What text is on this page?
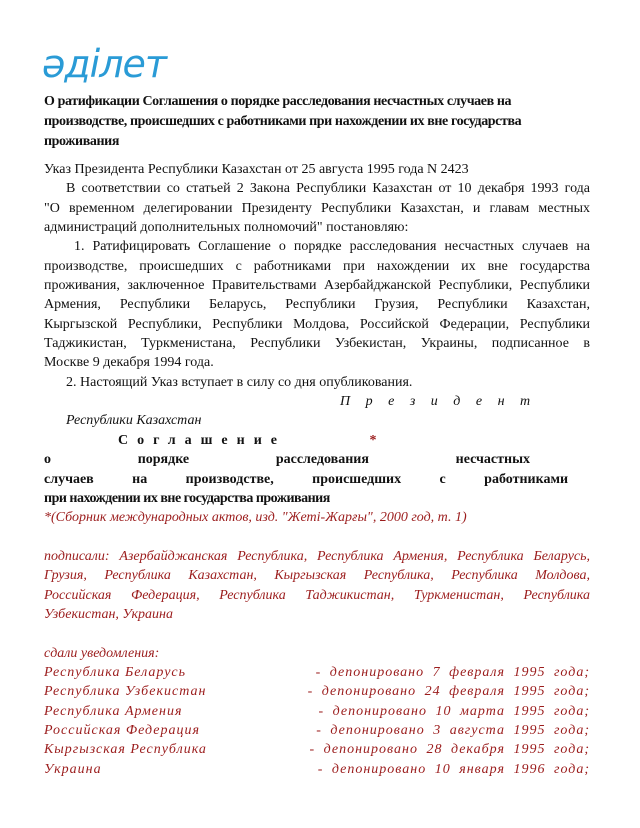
әділет
О ратификации Соглашения о порядке расследования несчастных случаев на
производстве, происшедших с работниками при нахождении их вне государства
проживания
Указ Президента Республики Казахстан от 25 августа 1995 года N 2423
В соответствии со статьей 2 Закона Республики Казахстан от 10 декабря 1993 года
"О временном делегировании Президенту Республики Казахстан, и главам местных
администраций дополнительных полномочий" постановляю:
1. Ратифицировать Соглашение о порядке расследования несчастных случаев на
производстве, происшедших с работниками при нахождении их вне государства
проживания, заключенное Правительствами Азербайджанской Республики, Республики
Армения, Республики Беларусь, Республики Грузия, Республики Казахстан,
Кыргызской Республики, Республики Молдова, Российской Федерации, Республики
Таджикистан, Туркменистана, Республики Узбекистан, Украины, подписанное в
Москве 9 декабря 1994 года.
2. Настоящий Указ вступает в силу со дня опубликования.
П р е з и д е н т
Республики Казахстан
Соглашение	*
о	порядке	расследования	несчастных
случаев	на	производстве,	происшедших	с	работниками
при нахождении их вне государства проживания
*(Сборник международных актов, изд. "Жеті-Жарғы", 2000 год, т. 1)
подписали: Азербайджанская Республика, Республика Армения, Республика Беларусь,
Грузия, Республика Казахстан, Кыргызская Республика, Республика Молдова,
Российская Федерация, Республика Таджикистан, Туркменистан, Республика
Узбекистан, Украина
сдали уведомления:
Республика Беларусь	- депонировано 7 февраля 1995 года;
Республика Узбекистан	- депонировано 24 февраля 1995 года;
Республика Армения	- депонировано 10 марта 1995 года;
Российская Федерация	- депонировано 3 августа 1995 года;
Кыргызская Республика	- депонировано 28 декабря 1995 года;
Украина	- депонировано 10 января 1996 года;
